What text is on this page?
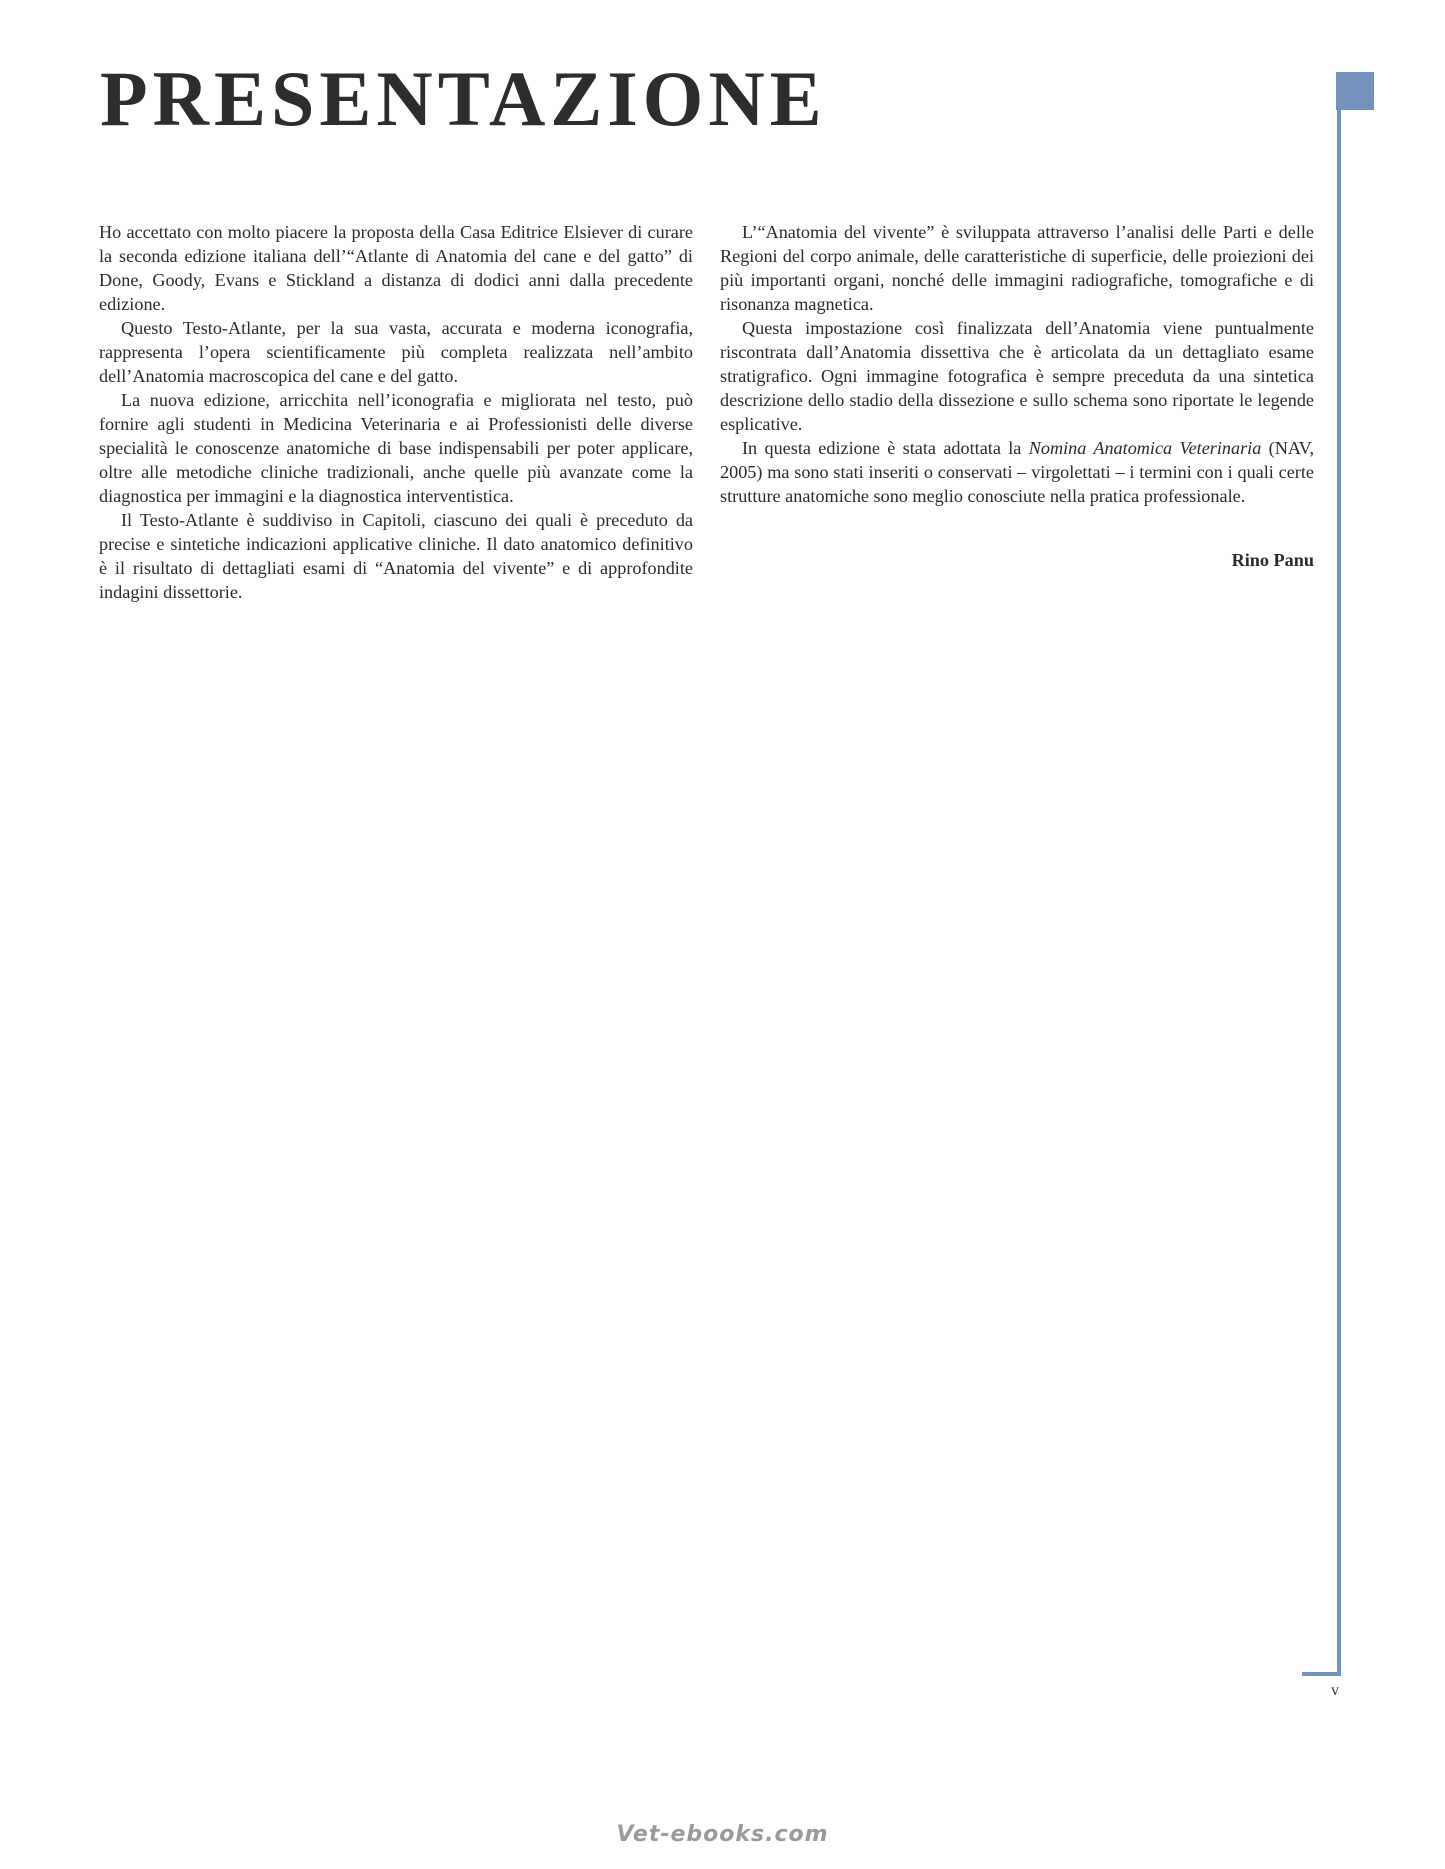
PRESENTAZIONE

Ho accettato con molto piacere la proposta della Casa Editrice Elsiever di curare la seconda edizione italiana dell’“Atlante di Anatomia del cane e del gatto” di Done, Goody, Evans e Stickland a distanza di dodici anni dalla precedente edizione.

Questo Testo-Atlante, per la sua vasta, accurata e moderna iconografia, rappresenta l’opera scientificamente più completa realizzata nell’ambito dell’Anatomia macroscopica del cane e del gatto.

La nuova edizione, arricchita nell’iconografia e migliorata nel testo, può fornire agli studenti in Medicina Veterinaria e ai Professionisti delle diverse specialità le conoscenze anatomiche di base indispensabili per poter applicare, oltre alle metodiche cliniche tradizionali, anche quelle più avanzate come la diagnostica per immagini e la diagnostica interventistica.

Il Testo-Atlante è suddiviso in Capitoli, ciascuno dei quali è preceduto da precise e sintetiche indicazioni applicative cliniche. Il dato anatomico definitivo è il risultato di dettagliati esami di “Anatomia del vivente” e di approfondite indagini dissettorie.

L’“Anatomia del vivente” è sviluppata attraverso l’analisi delle Parti e delle Regioni del corpo animale, delle caratteristiche di superficie, delle proiezioni dei più importanti organi, nonché delle immagini radiografiche, tomografiche e di risonanza magnetica.

Questa impostazione così finalizzata dell’Anatomia viene puntualmente riscontrata dall’Anatomia dissettiva che è articolata da un dettagliato esame stratigrafico. Ogni immagine fotografica è sempre preceduta da una sintetica descrizione dello stadio della dissezione e sullo schema sono riportate le legende esplicative.

In questa edizione è stata adottata la Nomina Anatomica Veterinaria (NAV, 2005) ma sono stati inseriti o conservati – virgolettati – i termini con i quali certe strutture anatomiche sono meglio conosciute nella pratica professionale.

Rino Panu

v
Vet-ebooks.com
